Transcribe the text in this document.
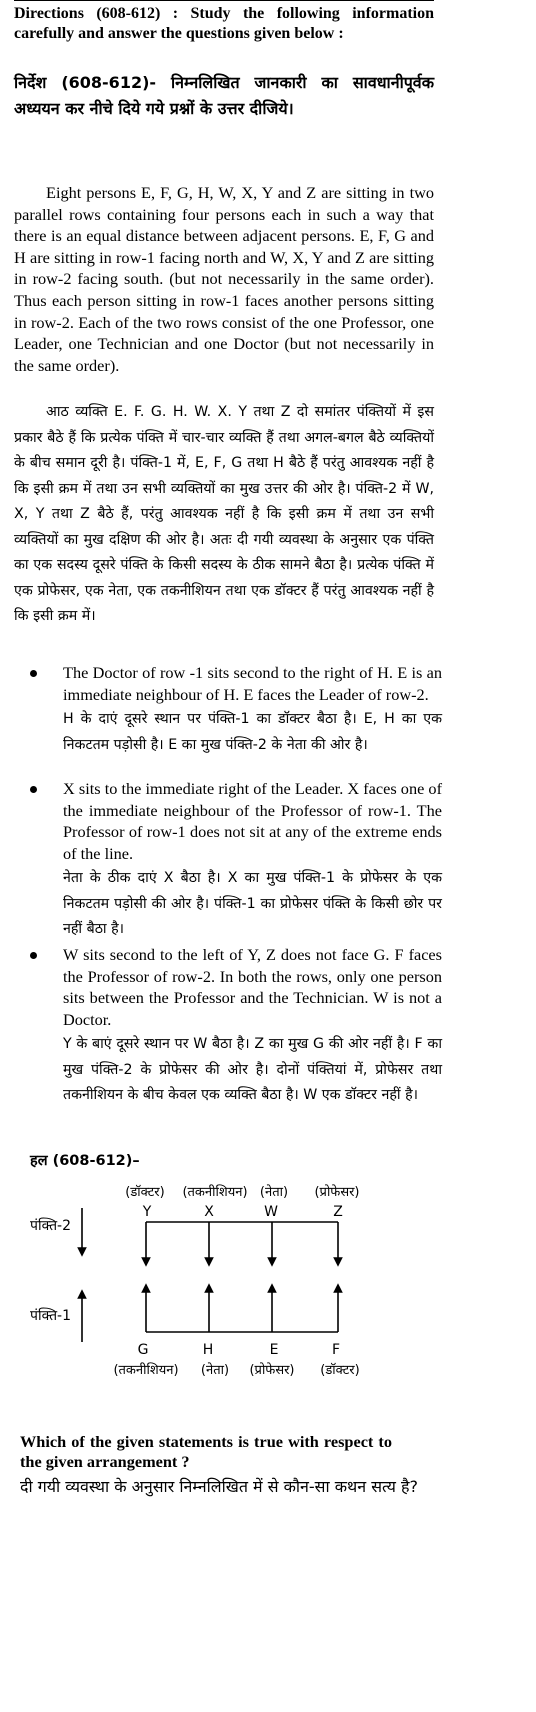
Directions (608-612) : Study the following information carefully and answer the questions given below :
निर्देश (608-612)- निम्नलिखित जानकारी का सावधानीपूर्वक अध्ययन कर नीचे दिये गये प्रश्नों के उत्तर दीजिये।
Eight persons E, F, G, H, W, X, Y and Z are sitting in two parallel rows containing four persons each in such a way that there is an equal distance between adjacent persons. E, F, G and H are sitting in row-1 facing north and W, X, Y and Z are sitting in row-2 facing south. (but not necessarily in the same order). Thus each person sitting in row-1 faces another persons sitting in row-2. Each of the two rows consist of the one Professor, one Leader, one Technician and one Doctor (but not necessarily in the same order).
आठ व्यक्ति E. F. G. H. W. X. Y तथा Z दो समांतर पंक्तियों में इस प्रकार बैठे हैं कि प्रत्येक पंक्ति में चार-चार व्यक्ति हैं तथा अगल-बगल बैठे व्यक्तियों के बीच समान दूरी है। पंक्ति-1 में, E, F, G तथा H बैठे हैं परंतु आवश्यक नहीं है कि इसी क्रम में तथा उन सभी व्यक्तियों का मुख उत्तर की ओर है। पंक्ति-2 में W, X, Y तथा Z बैठे हैं, परंतु आवश्यक नहीं है कि इसी क्रम में तथा उन सभी व्यक्तियों का मुख दक्षिण की ओर है। अतः दी गयी व्यवस्था के अनुसार एक पंक्ति का एक सदस्य दूसरे पंक्ति के किसी सदस्य के ठीक सामने बैठा है। प्रत्येक पंक्ति में एक प्रोफेसर, एक नेता, एक तकनीशियन तथा एक डॉक्टर हैं परंतु आवश्यक नहीं है कि इसी क्रम में।
The Doctor of row -1 sits second to the right of H. E is an immediate neighbour of H. E faces the Leader of row-2.
H के दाएं दूसरे स्थान पर पंक्ति-1 का डॉक्टर बैठा है। E, H का एक निकटतम पड़ोसी है। E का मुख पंक्ति-2 के नेता की ओर है।
X sits to the immediate right of the Leader. X faces one of the immediate neighbour of the Professor of row-1. The Professor of row-1 does not sit at any of the extreme ends of the line.
नेता के ठीक दाएं X बैठा है। X का मुख पंक्ति-1 के प्रोफेसर के एक निकटतम पड़ोसी की ओर है। पंक्ति-1 का प्रोफेसर पंक्ति के किसी छोर पर नहीं बैठा है।
W sits second to the left of Y, Z does not face G. F faces the Professor of row-2. In both the rows, only one person sits between the Professor and the Technician. W is not a Doctor.
Y के बाएं दूसरे स्थान पर W बैठा है। Z का मुख G की ओर नहीं है। F का मुख पंक्ति-2 के प्रोफेसर की ओर है। दोनों पंक्तियां में, प्रोफेसर तथा तकनीशियन के बीच केवल एक व्यक्ति बैठा है। W एक डॉक्टर नहीं है।
हल (608-612)–
पंक्ति-2
(डॉक्टर) (तकनीशियन) (नेता) (प्रोफेसर)
Y	X	W	Z
पंक्ति-1
G	H	E	F
(तकनीशियन) (नेता) (प्रोफेसर) (डॉक्टर)
Which of the given statements is true with respect to the given arrangement ?
दी गयी व्यवस्था के अनुसार निम्नलिखित में से कौन-सा कथन सत्य है?
